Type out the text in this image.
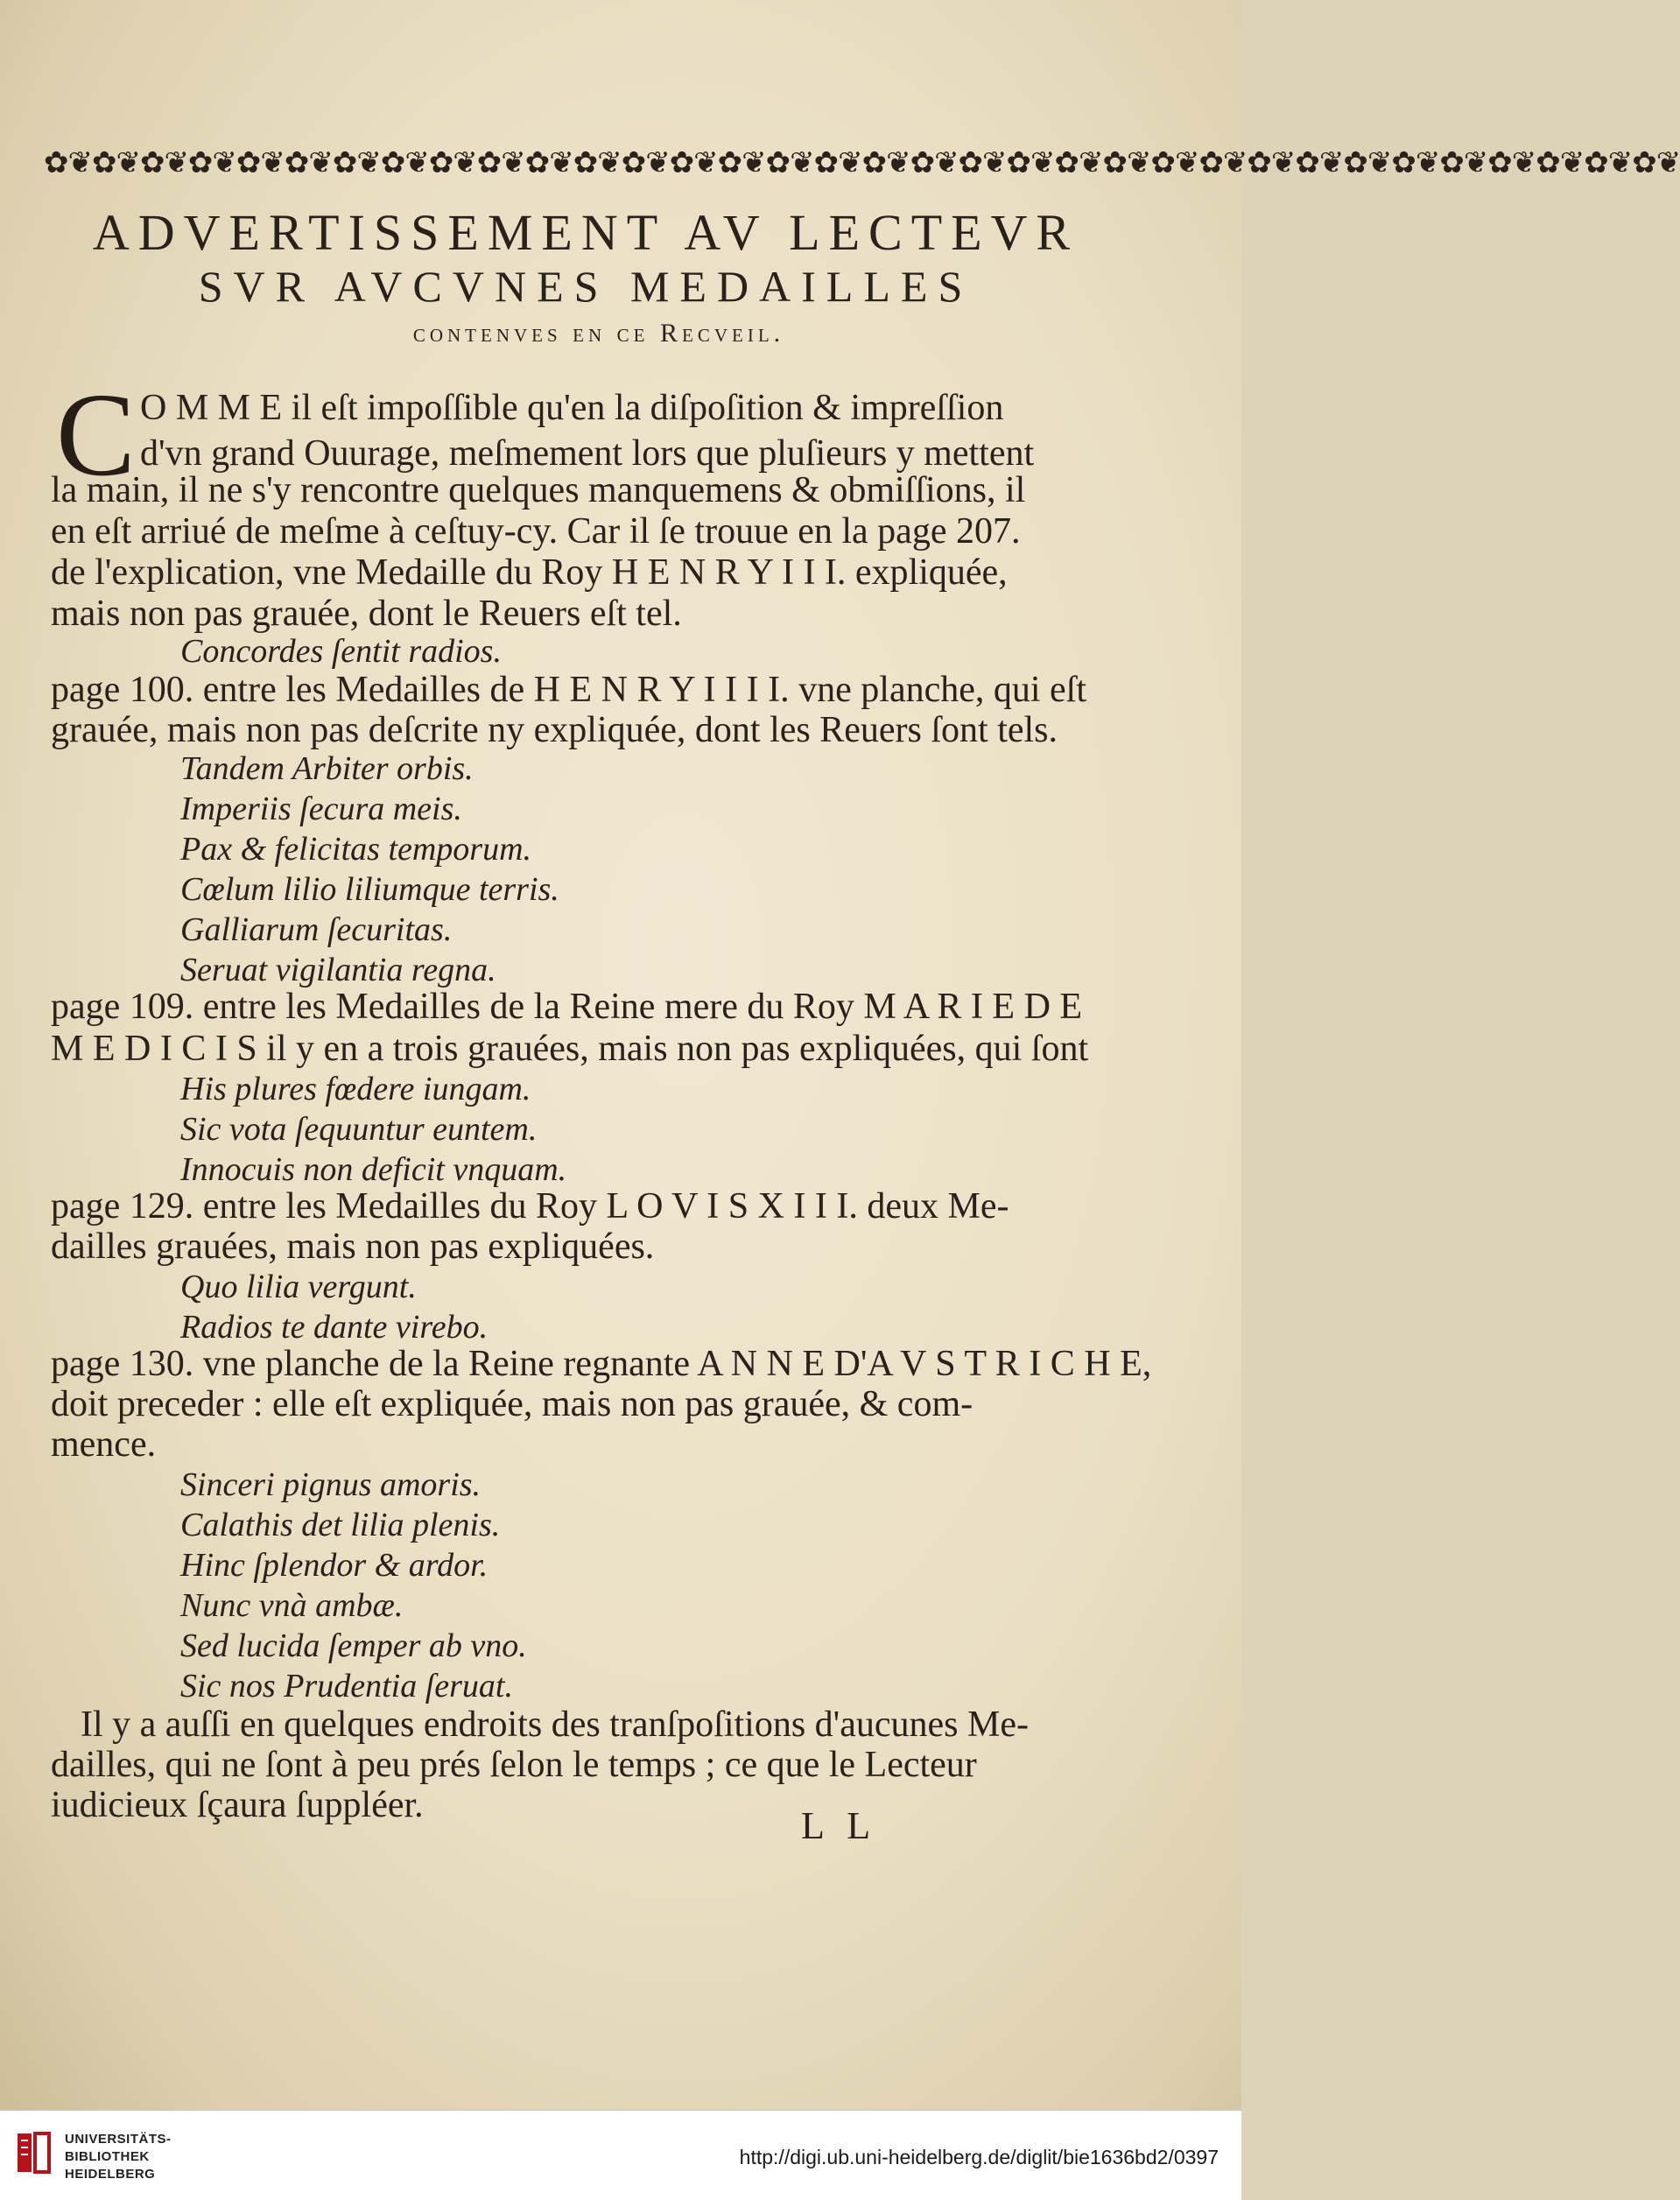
✿❦✿❦✿❦✿❦✿❦✿❦✿❦✿❦✿❦✿❦✿❦✿❦✿❦✿❦✿❦✿❦✿❦✿❦✿❦✿❦✿❦✿❦✿❦✿❦✿❦✿❦✿❦✿❦✿❦✿❦✿❦✿❦✿❦✿❦
ADVERTISSEMENT AV LECTEVR
SVR AVCVNES MEDAILLES
contenves en ce Recveil.
C O M M E il eſt impoſſible qu'en la diſpoſition & impreſſion
d'vn grand Ouurage, meſmement lors que pluſieurs y mettent
la main, il ne s'y rencontre quelques manquemens & obmiſſions, il
en eſt arriué de meſme à ceſtuy-cy. Car il ſe trouue en la page 207.
de l'explication, vne Medaille du Roy H E N R Y I I I. expliquée,
mais non pas grauée, dont le Reuers eſt tel.
Concordes ſentit radios.
page 100. entre les Medailles de H E N R Y I I I I. vne planche, qui eſt
grauée, mais non pas deſcrite ny expliquée, dont les Reuers ſont tels.
Tandem Arbiter orbis.
Imperiis ſecura meis.
Pax & felicitas temporum.
Cœlum lilio liliumque terris.
Galliarum ſecuritas.
Seruat vigilantia regna.
page 109. entre les Medailles de la Reine mere du Roy M A R I E D E
M E D I C I S il y en a trois grauées, mais non pas expliquées, qui ſont
His plures fœdere iungam.
Sic vota ſequuntur euntem.
Innocuis non deficit vnquam.
page 129. entre les Medailles du Roy L O V I S X I I I. deux Me-
dailles grauées, mais non pas expliquées.
Quo lilia vergunt.
Radios te dante virebo.
page 130. vne planche de la Reine regnante A N N E D'A V S T R I C H E,
doit preceder : elle eſt expliquée, mais non pas grauée, & com-
mence.
Sinceri pignus amoris.
Calathis det lilia plenis.
Hinc ſplendor & ardor.
Nunc vnà ambæ.
Sed lucida ſemper ab vno.
Sic nos Prudentia ſeruat.
Il y a auſſi en quelques endroits des tranſpoſitions d'aucunes Me-
dailles, qui ne ſont à peu prés ſelon le temps ; ce que le Lecteur
iudicieux ſçaura ſuppléer.	L L
UNIVERSITÄTS-
BIBLIOTHEK
HEIDELBERG
http://digi.ub.uni-heidelberg.de/diglit/bie1636bd2/0397
